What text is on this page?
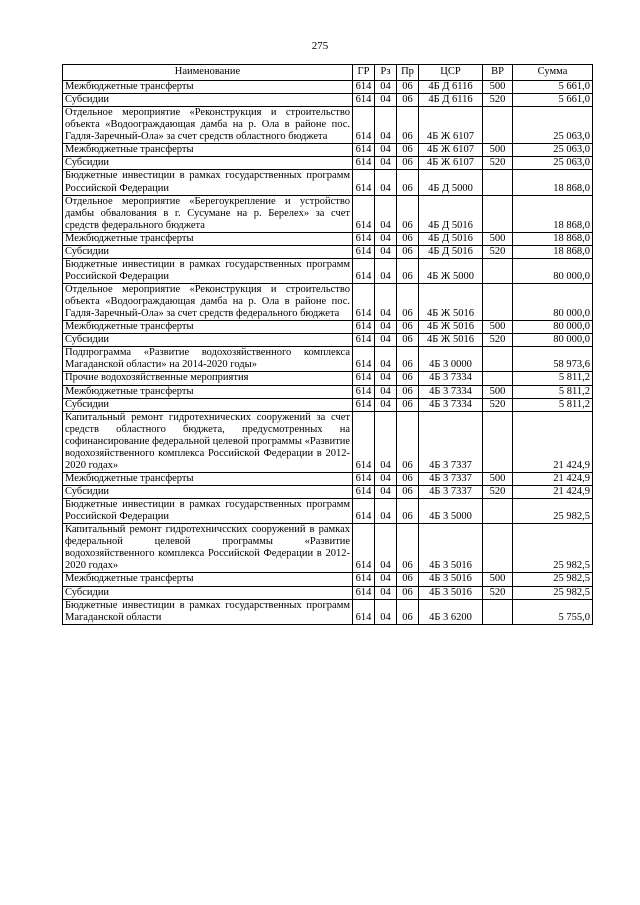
275
Наименование	ГР	Рз	Пр	ЦСР	ВР	Сумма
Межбюджетные трансферты	614	04	06	4Б Д 6116	500	5 661,0
Субсидии	614	04	06	4Б Д 6116	520	5 661,0
Отдельное мероприятие «Реконструкция и строительство объекта «Водоограждающая дамба на р. Ола в районе пос. Гадля-Заречный-Ола» за счет средств областного бюджета	614	04	06	4Б Ж 6107		25 063,0
Межбюджетные трансферты	614	04	06	4Б Ж 6107	500	25 063,0
Субсидии	614	04	06	4Б Ж 6107	520	25 063,0
Бюджетные инвестиции в рамках государственных программ Российской Федерации	614	04	06	4Б Д 5000		18 868,0
Отдельное мероприятие «Берегоукрепление и устройство дамбы обвалования в г. Сусумане на р. Берелех» за счет средств федерального бюджета	614	04	06	4Б Д 5016		18 868,0
Межбюджетные трансферты	614	04	06	4Б Д 5016	500	18 868,0
Субсидии	614	04	06	4Б Д 5016	520	18 868,0
Бюджетные инвестиции в рамках государственных программ Российской Федерации	614	04	06	4Б Ж 5000		80 000,0
Отдельное мероприятие «Реконструкция и строительство объекта «Водоограждающая дамба на р. Ола в районе пос. Гадля-Заречный-Ола» за счет средств федерального бюджета	614	04	06	4Б Ж 5016		80 000,0
Межбюджетные трансферты	614	04	06	4Б Ж 5016	500	80 000,0
Субсидии	614	04	06	4Б Ж 5016	520	80 000,0
Подпрограмма «Развитие водохозяйственного комплекса Магаданской области» на 2014-2020 годы»	614	04	06	4Б 3 0000		58 973,6
Прочие водохозяйственные мероприятия	614	04	06	4Б 3 7334		5 811,2
Межбюджетные трансферты	614	04	06	4Б 3 7334	500	5 811,2
Субсидии	614	04	06	4Б 3 7334	520	5 811,2
Капитальный ремонт гидротехнических сооружений за счет средств областного бюджета, предусмотренных на софинансирование федеральной целевой программы «Развитие водохозяйственного комплекса Российской Федерации в 2012-2020 годах»	614	04	06	4Б 3 7337		21 424,9
Межбюджетные трансферты	614	04	06	4Б 3 7337	500	21 424,9
Субсидии	614	04	06	4Б 3 7337	520	21 424,9
Бюджетные инвестиции в рамках государственных программ Российской Федерации	614	04	06	4Б 3 5000		25 982,5
Капитальный ремонт гидротехничсских сооружений в рамках федеральной целевой программы «Развитие водохозяйственного комплекса Российской Федерации в 2012-2020 годах»	614	04	06	4Б 3 5016		25 982,5
Межбюджетные трансферты	614	04	06	4Б 3 5016	500	25 982,5
Субсидии	614	04	06	4Б 3 5016	520	25 982,5
Бюджетные инвестиции в рамках государственных программ Магаданской области	614	04	06	4Б 3 6200		5 755,0
